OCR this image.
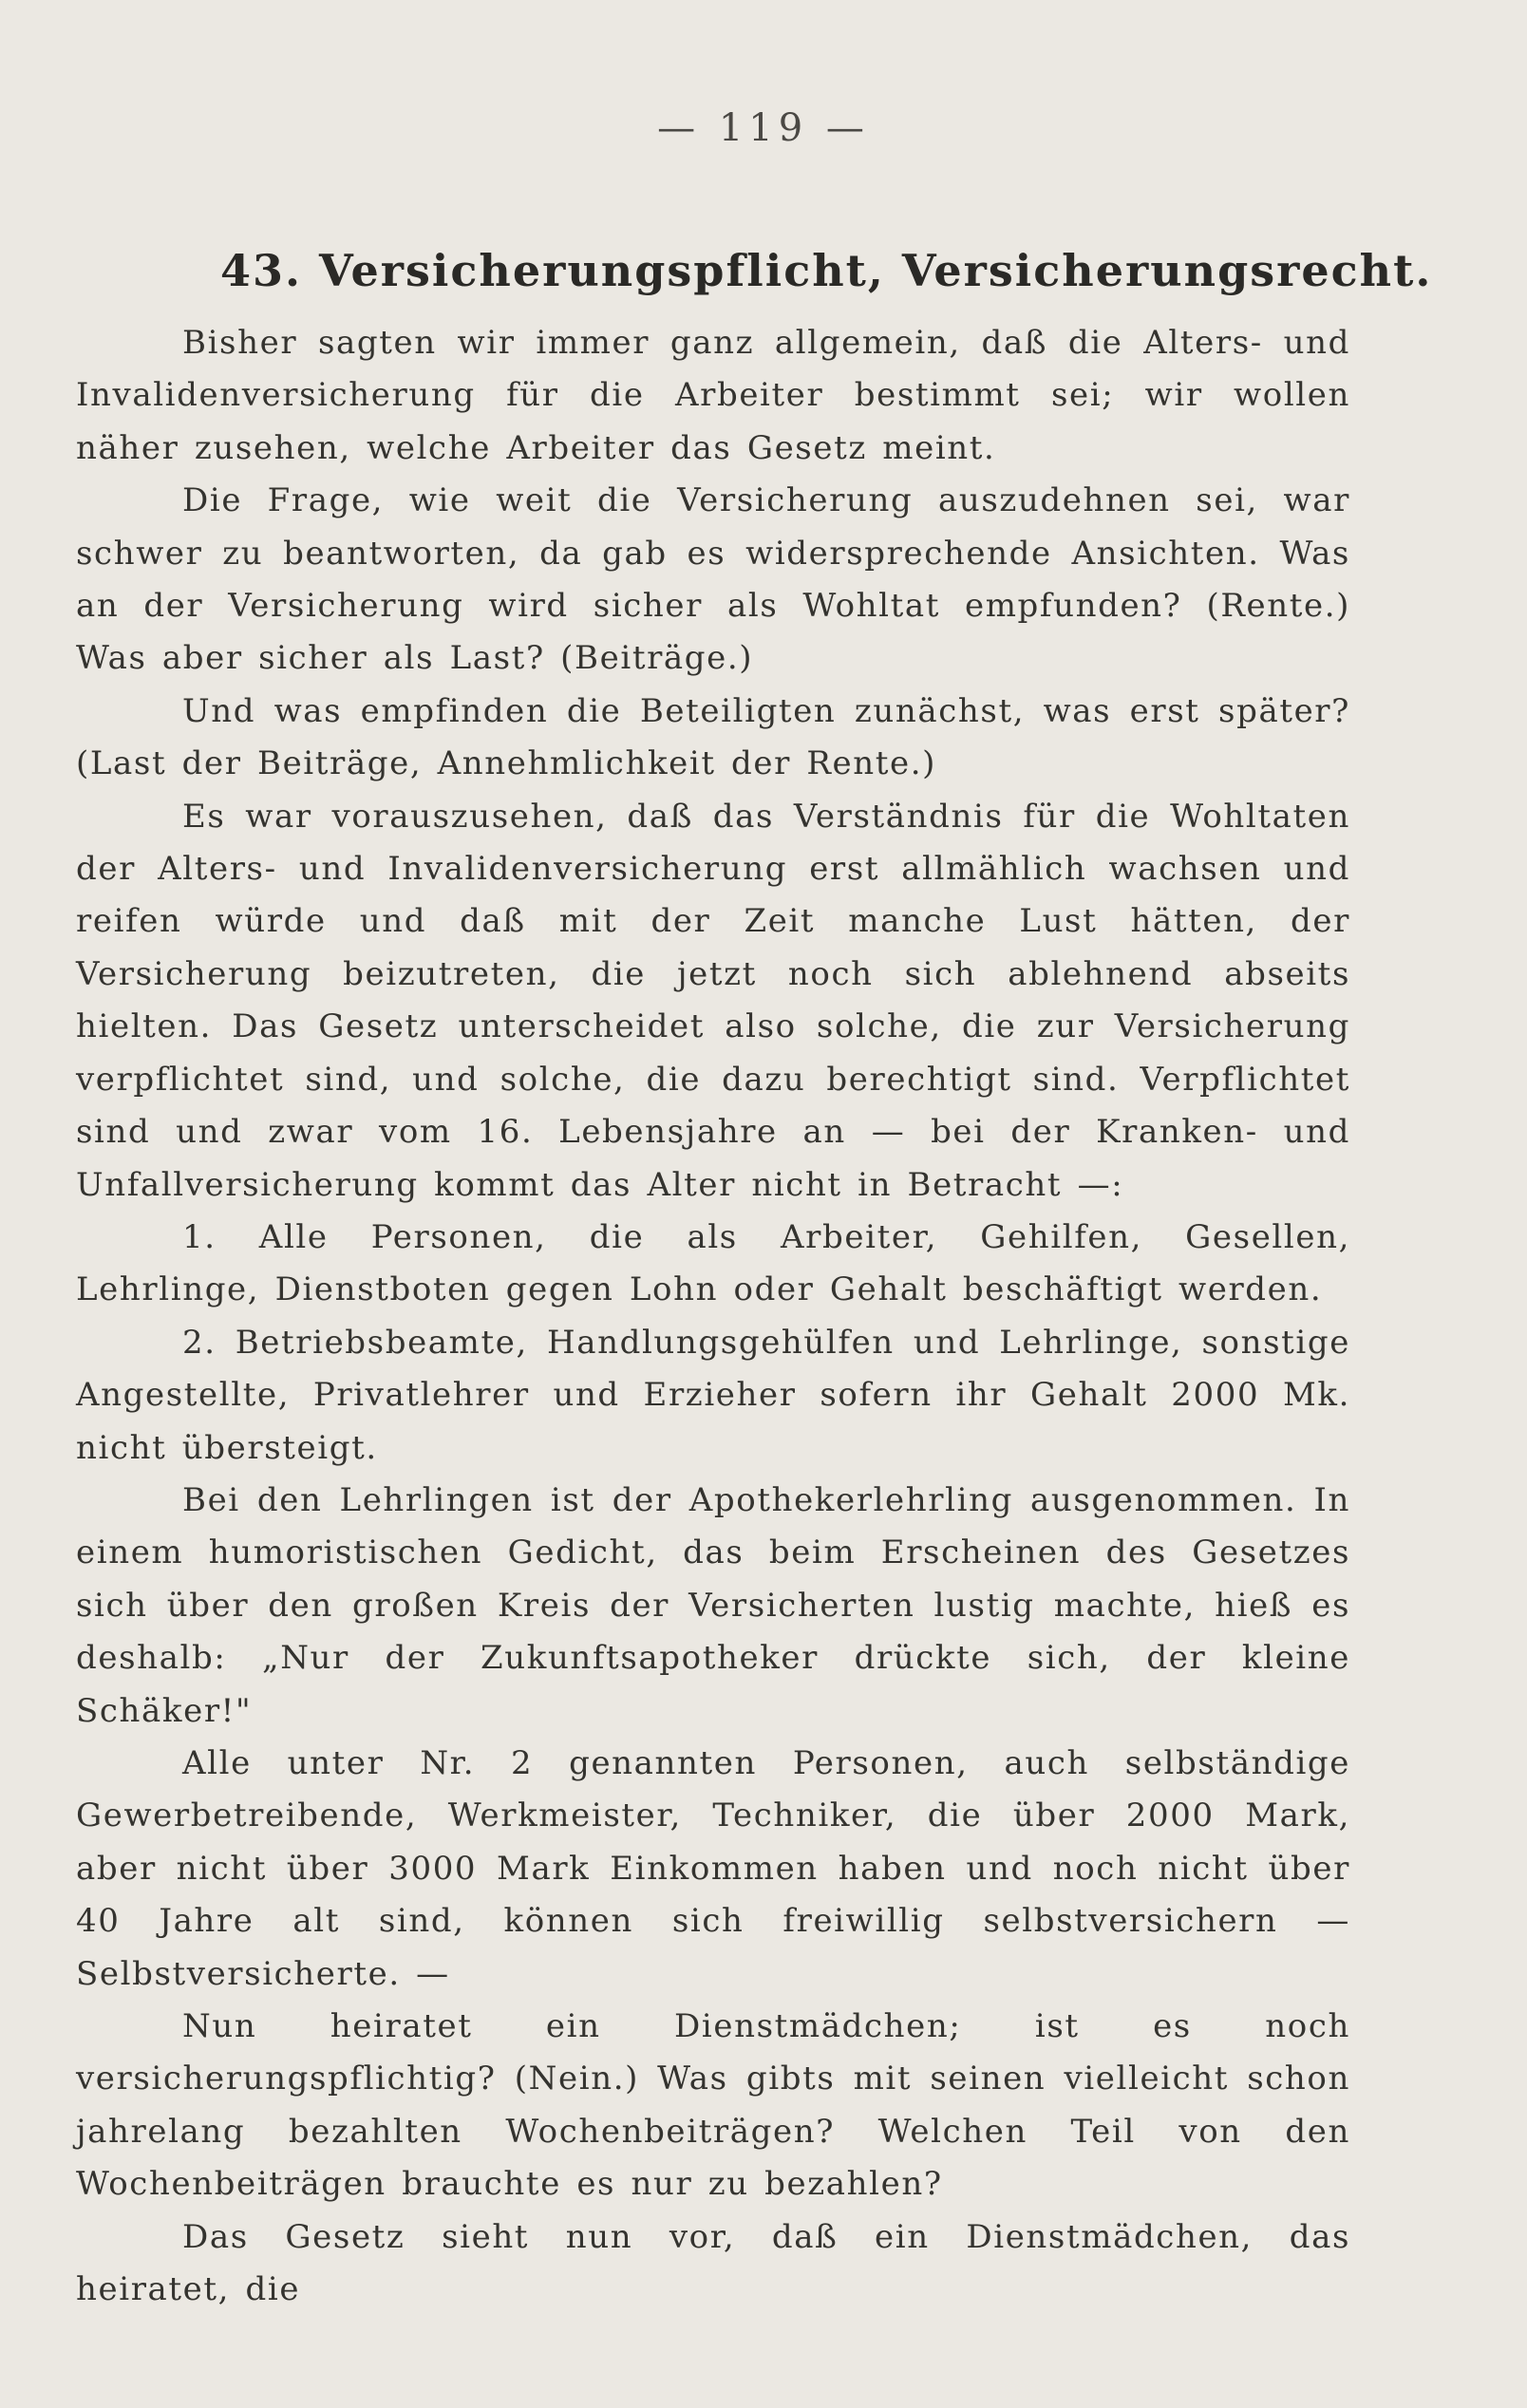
— 119 —
43. Versicherungspflicht, Versicherungsrecht.

Bisher sagten wir immer ganz allgemein, daß die Alters- und Invalidenversicherung für die Arbeiter bestimmt sei; wir wollen näher zusehen, welche Arbeiter das Gesetz meint.

Die Frage, wie weit die Versicherung auszudehnen sei, war schwer zu beantworten, da gab es widersprechende Ansichten. Was an der Versicherung wird sicher als Wohltat empfunden? (Rente.) Was aber sicher als Last? (Beiträge.)

Und was empfinden die Beteiligten zunächst, was erst später? (Last der Beiträge, Annehmlichkeit der Rente.)

Es war vorauszusehen, daß das Verständnis für die Wohltaten der Alters- und Invalidenversicherung erst allmählich wachsen und reifen würde und daß mit der Zeit manche Lust hätten, der Versicherung beizutreten, die jetzt noch sich ablehnend abseits hielten. Das Gesetz unterscheidet also solche, die zur Versicherung verpflichtet sind, und solche, die dazu berechtigt sind. Verpflichtet sind und zwar vom 16. Lebensjahre an — bei der Kranken- und Unfallversicherung kommt das Alter nicht in Betracht —:

1. Alle Personen, die als Arbeiter, Gehilfen, Gesellen, Lehrlinge, Dienstboten gegen Lohn oder Gehalt beschäftigt werden.

2. Betriebsbeamte, Handlungsgehülfen und Lehrlinge, sonstige Angestellte, Privatlehrer und Erzieher sofern ihr Gehalt 2000 Mk. nicht übersteigt.

Bei den Lehrlingen ist der Apothekerlehrling ausgenommen. In einem humoristischen Gedicht, das beim Erscheinen des Gesetzes sich über den großen Kreis der Versicherten lustig machte, hieß es deshalb: „Nur der Zukunftsapotheker drückte sich, der kleine Schäker!"

Alle unter Nr. 2 genannten Personen, auch selbständige Gewerbetreibende, Werkmeister, Techniker, die über 2000 Mark, aber nicht über 3000 Mark Einkommen haben und noch nicht über 40 Jahre alt sind, können sich freiwillig selbstversichern — Selbstversicherte. —

Nun heiratet ein Dienstmädchen; ist es noch versicherungspflichtig? (Nein.) Was gibts mit seinen vielleicht schon jahrelang bezahlten Wochenbeiträgen? Welchen Teil von den Wochenbeiträgen brauchte es nur zu bezahlen?

Das Gesetz sieht nun vor, daß ein Dienstmädchen, das heiratet, die
